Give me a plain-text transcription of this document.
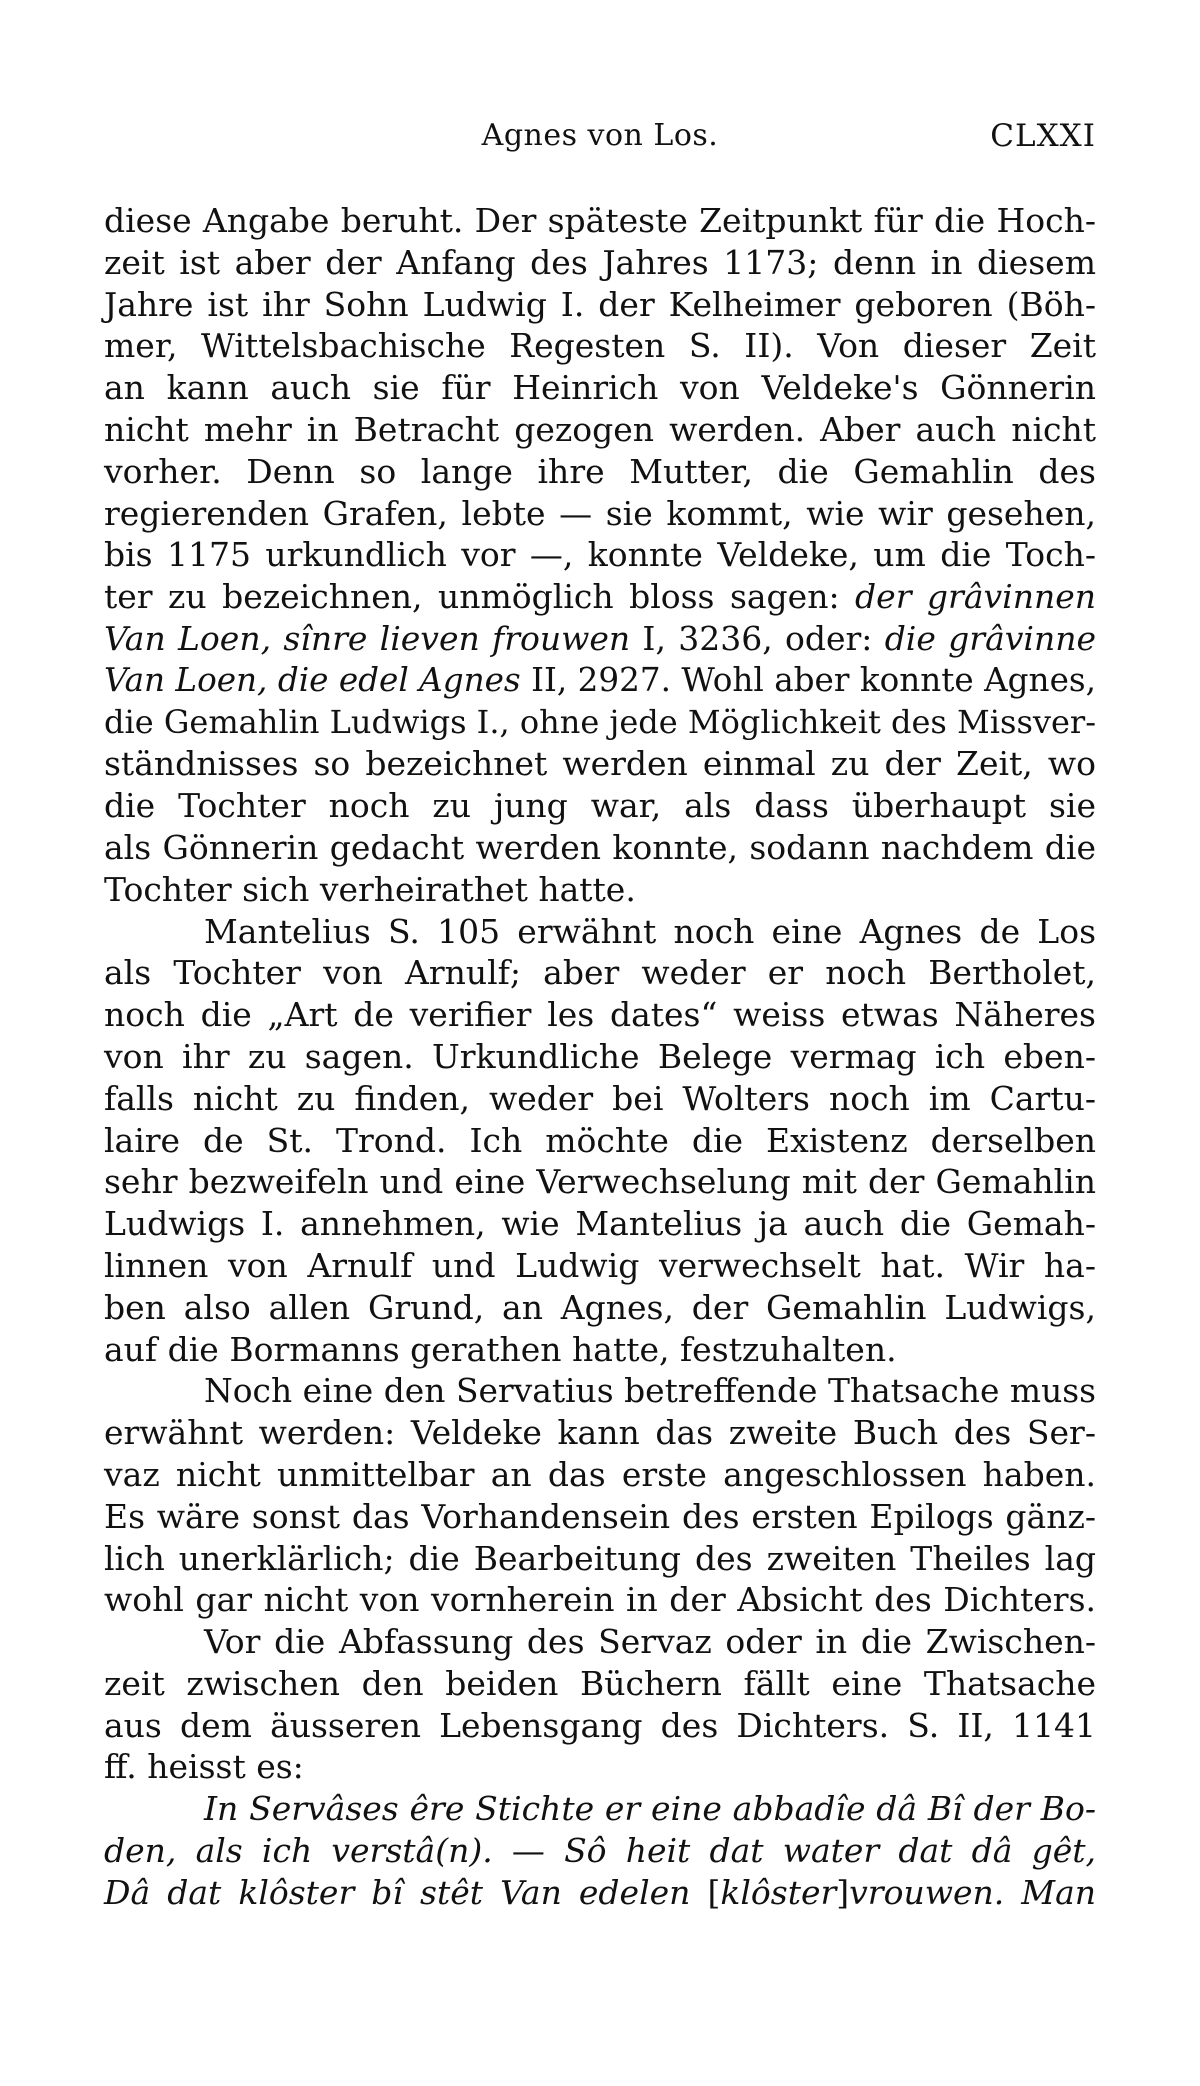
Agnes von Los.	CLXXI
diese Angabe beruht. Der späteste Zeitpunkt für die Hoch-
zeit ist aber der Anfang des Jahres 1173; denn in diesem
Jahre ist ihr Sohn Ludwig I. der Kelheimer geboren (Böh-
mer, Wittelsbachische Regesten S. II). Von dieser Zeit
an kann auch sie für Heinrich von Veldeke's Gönnerin
nicht mehr in Betracht gezogen werden. Aber auch nicht
vorher. Denn so lange ihre Mutter, die Gemahlin des
regierenden Grafen, lebte — sie kommt, wie wir gesehen,
bis 1175 urkundlich vor —, konnte Veldeke, um die Toch-
ter zu bezeichnen, unmöglich bloss sagen: der grâvinnen
Van Loen, sînre lieven frouwen I, 3236, oder: die grâvinne
Van Loen, die edel Agnes II, 2927. Wohl aber konnte Agnes,
die Gemahlin Ludwigs I., ohne jede Möglichkeit des Missver-
ständnisses so bezeichnet werden einmal zu der Zeit, wo
die Tochter noch zu jung war, als dass überhaupt sie
als Gönnerin gedacht werden konnte, sodann nachdem die
Tochter sich verheirathet hatte.
Mantelius S. 105 erwähnt noch eine Agnes de Los
als Tochter von Arnulf; aber weder er noch Bertholet,
noch die „Art de verifier les dates“ weiss etwas Näheres
von ihr zu sagen. Urkundliche Belege vermag ich eben-
falls nicht zu finden, weder bei Wolters noch im Cartu-
laire de St. Trond. Ich möchte die Existenz derselben
sehr bezweifeln und eine Verwechselung mit der Gemahlin
Ludwigs I. annehmen, wie Mantelius ja auch die Gemah-
linnen von Arnulf und Ludwig verwechselt hat. Wir ha-
ben also allen Grund, an Agnes, der Gemahlin Ludwigs,
auf die Bormanns gerathen hatte, festzuhalten.
Noch eine den Servatius betreffende Thatsache muss
erwähnt werden: Veldeke kann das zweite Buch des Ser-
vaz nicht unmittelbar an das erste angeschlossen haben.
Es wäre sonst das Vorhandensein des ersten Epilogs gänz-
lich unerklärlich; die Bearbeitung des zweiten Theiles lag
wohl gar nicht von vornherein in der Absicht des Dichters.
Vor die Abfassung des Servaz oder in die Zwischen-
zeit zwischen den beiden Büchern fällt eine Thatsache
aus dem äusseren Lebensgang des Dichters. S. II, 1141
ff. heisst es:
In Servâses êre Stichte er eine abbadîe dâ Bî der Bo-
den, als ich verstâ(n). — Sô heit dat water dat dâ gêt,
Dâ dat klôster bî stêt Van edelen [klôster]vrouwen. Man
